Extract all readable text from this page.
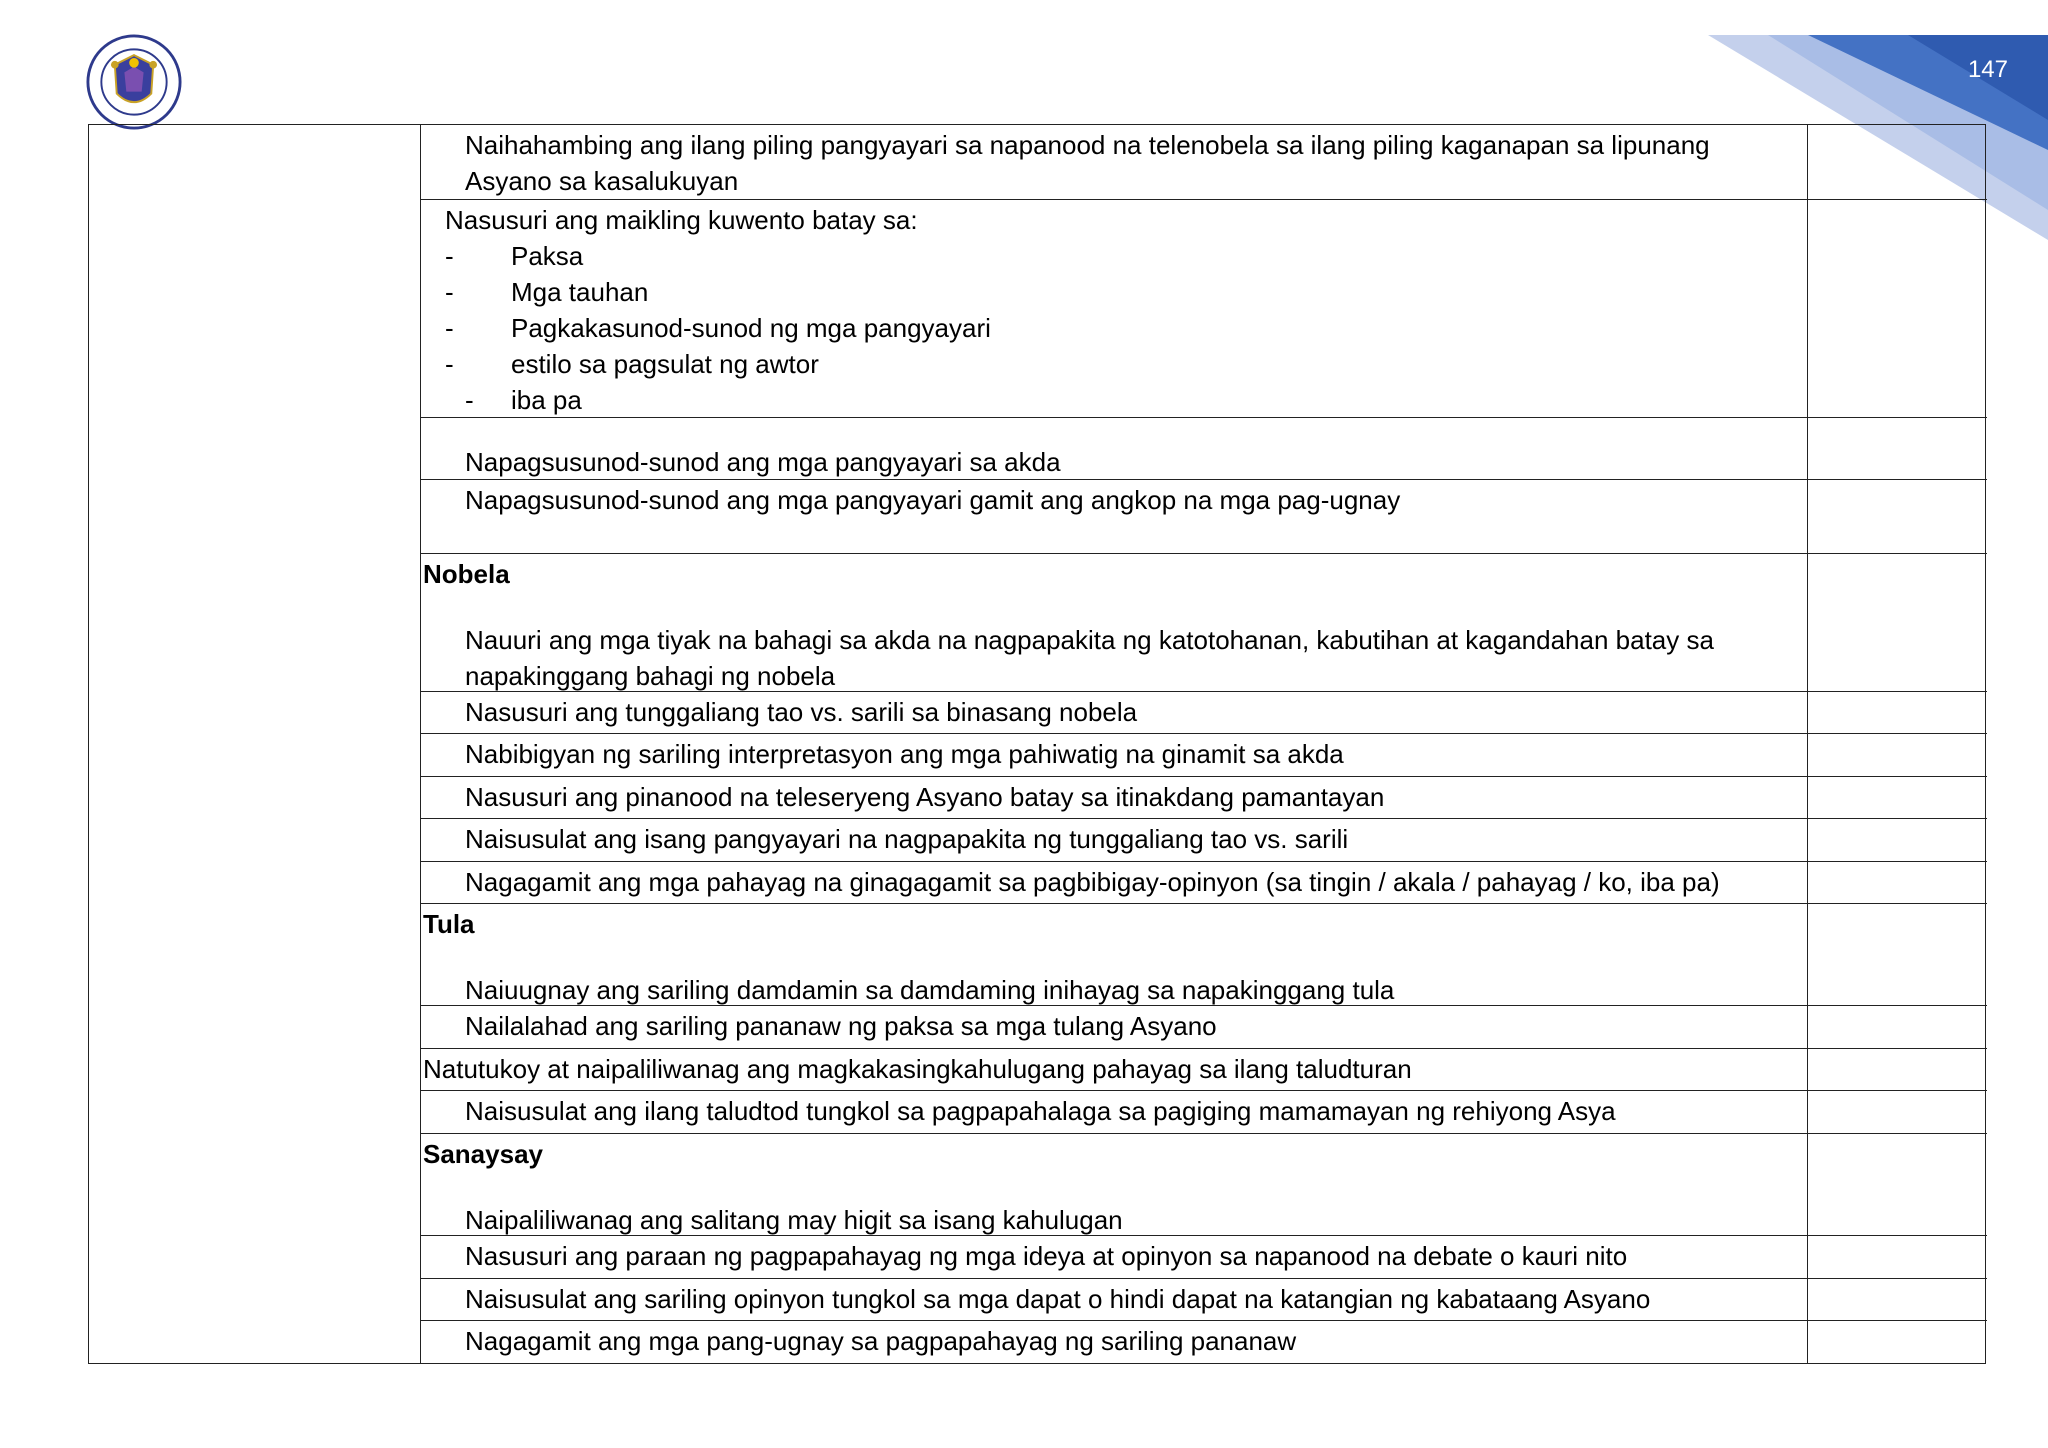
147
Naihahambing ang ilang piling pangyayari sa napanood na telenobela sa ilang piling kaganapan sa lipunang
Asyano sa kasalukuyan
Nasusuri ang maikling kuwento batay sa:
- Paksa
- Mga tauhan
- Pagkakasunod-sunod ng mga pangyayari
- estilo sa pagsulat ng awtor
- iba pa
Napagsusunod-sunod ang mga pangyayari sa akda
Napagsusunod-sunod ang mga pangyayari gamit ang angkop na mga pag-ugnay
Nobela
Nauuri ang mga tiyak na bahagi sa akda na nagpapakita ng katotohanan, kabutihan at kagandahan batay sa
napakinggang bahagi ng nobela
Nasusuri ang tunggaliang tao vs. sarili sa binasang nobela
Nabibigyan ng sariling interpretasyon ang mga pahiwatig na ginamit sa akda
Nasusuri ang pinanood na teleseryeng Asyano batay sa itinakdang pamantayan
Naisusulat ang isang pangyayari na nagpapakita ng tunggaliang tao vs. sarili
Nagagamit ang mga pahayag na ginagagamit sa pagbibigay-opinyon (sa tingin / akala / pahayag / ko, iba pa)
Tula
Naiuugnay ang sariling damdamin sa damdaming inihayag sa napakinggang tula
Nailalahad ang sariling pananaw ng paksa sa mga tulang Asyano
Natutukoy at naipaliliwanag ang magkakasingkahulugang pahayag sa ilang taludturan
Naisusulat ang ilang taludtod tungkol sa pagpapahalaga sa pagiging mamamayan ng rehiyong Asya
Sanaysay
Naipaliliwanag ang salitang may higit sa isang kahulugan
Nasusuri ang paraan ng pagpapahayag ng mga ideya at opinyon sa napanood na debate o kauri nito
Naisusulat ang sariling opinyon tungkol sa mga dapat o hindi dapat na katangian ng kabataang Asyano
Nagagamit ang mga pang-ugnay sa pagpapahayag ng sariling pananaw
